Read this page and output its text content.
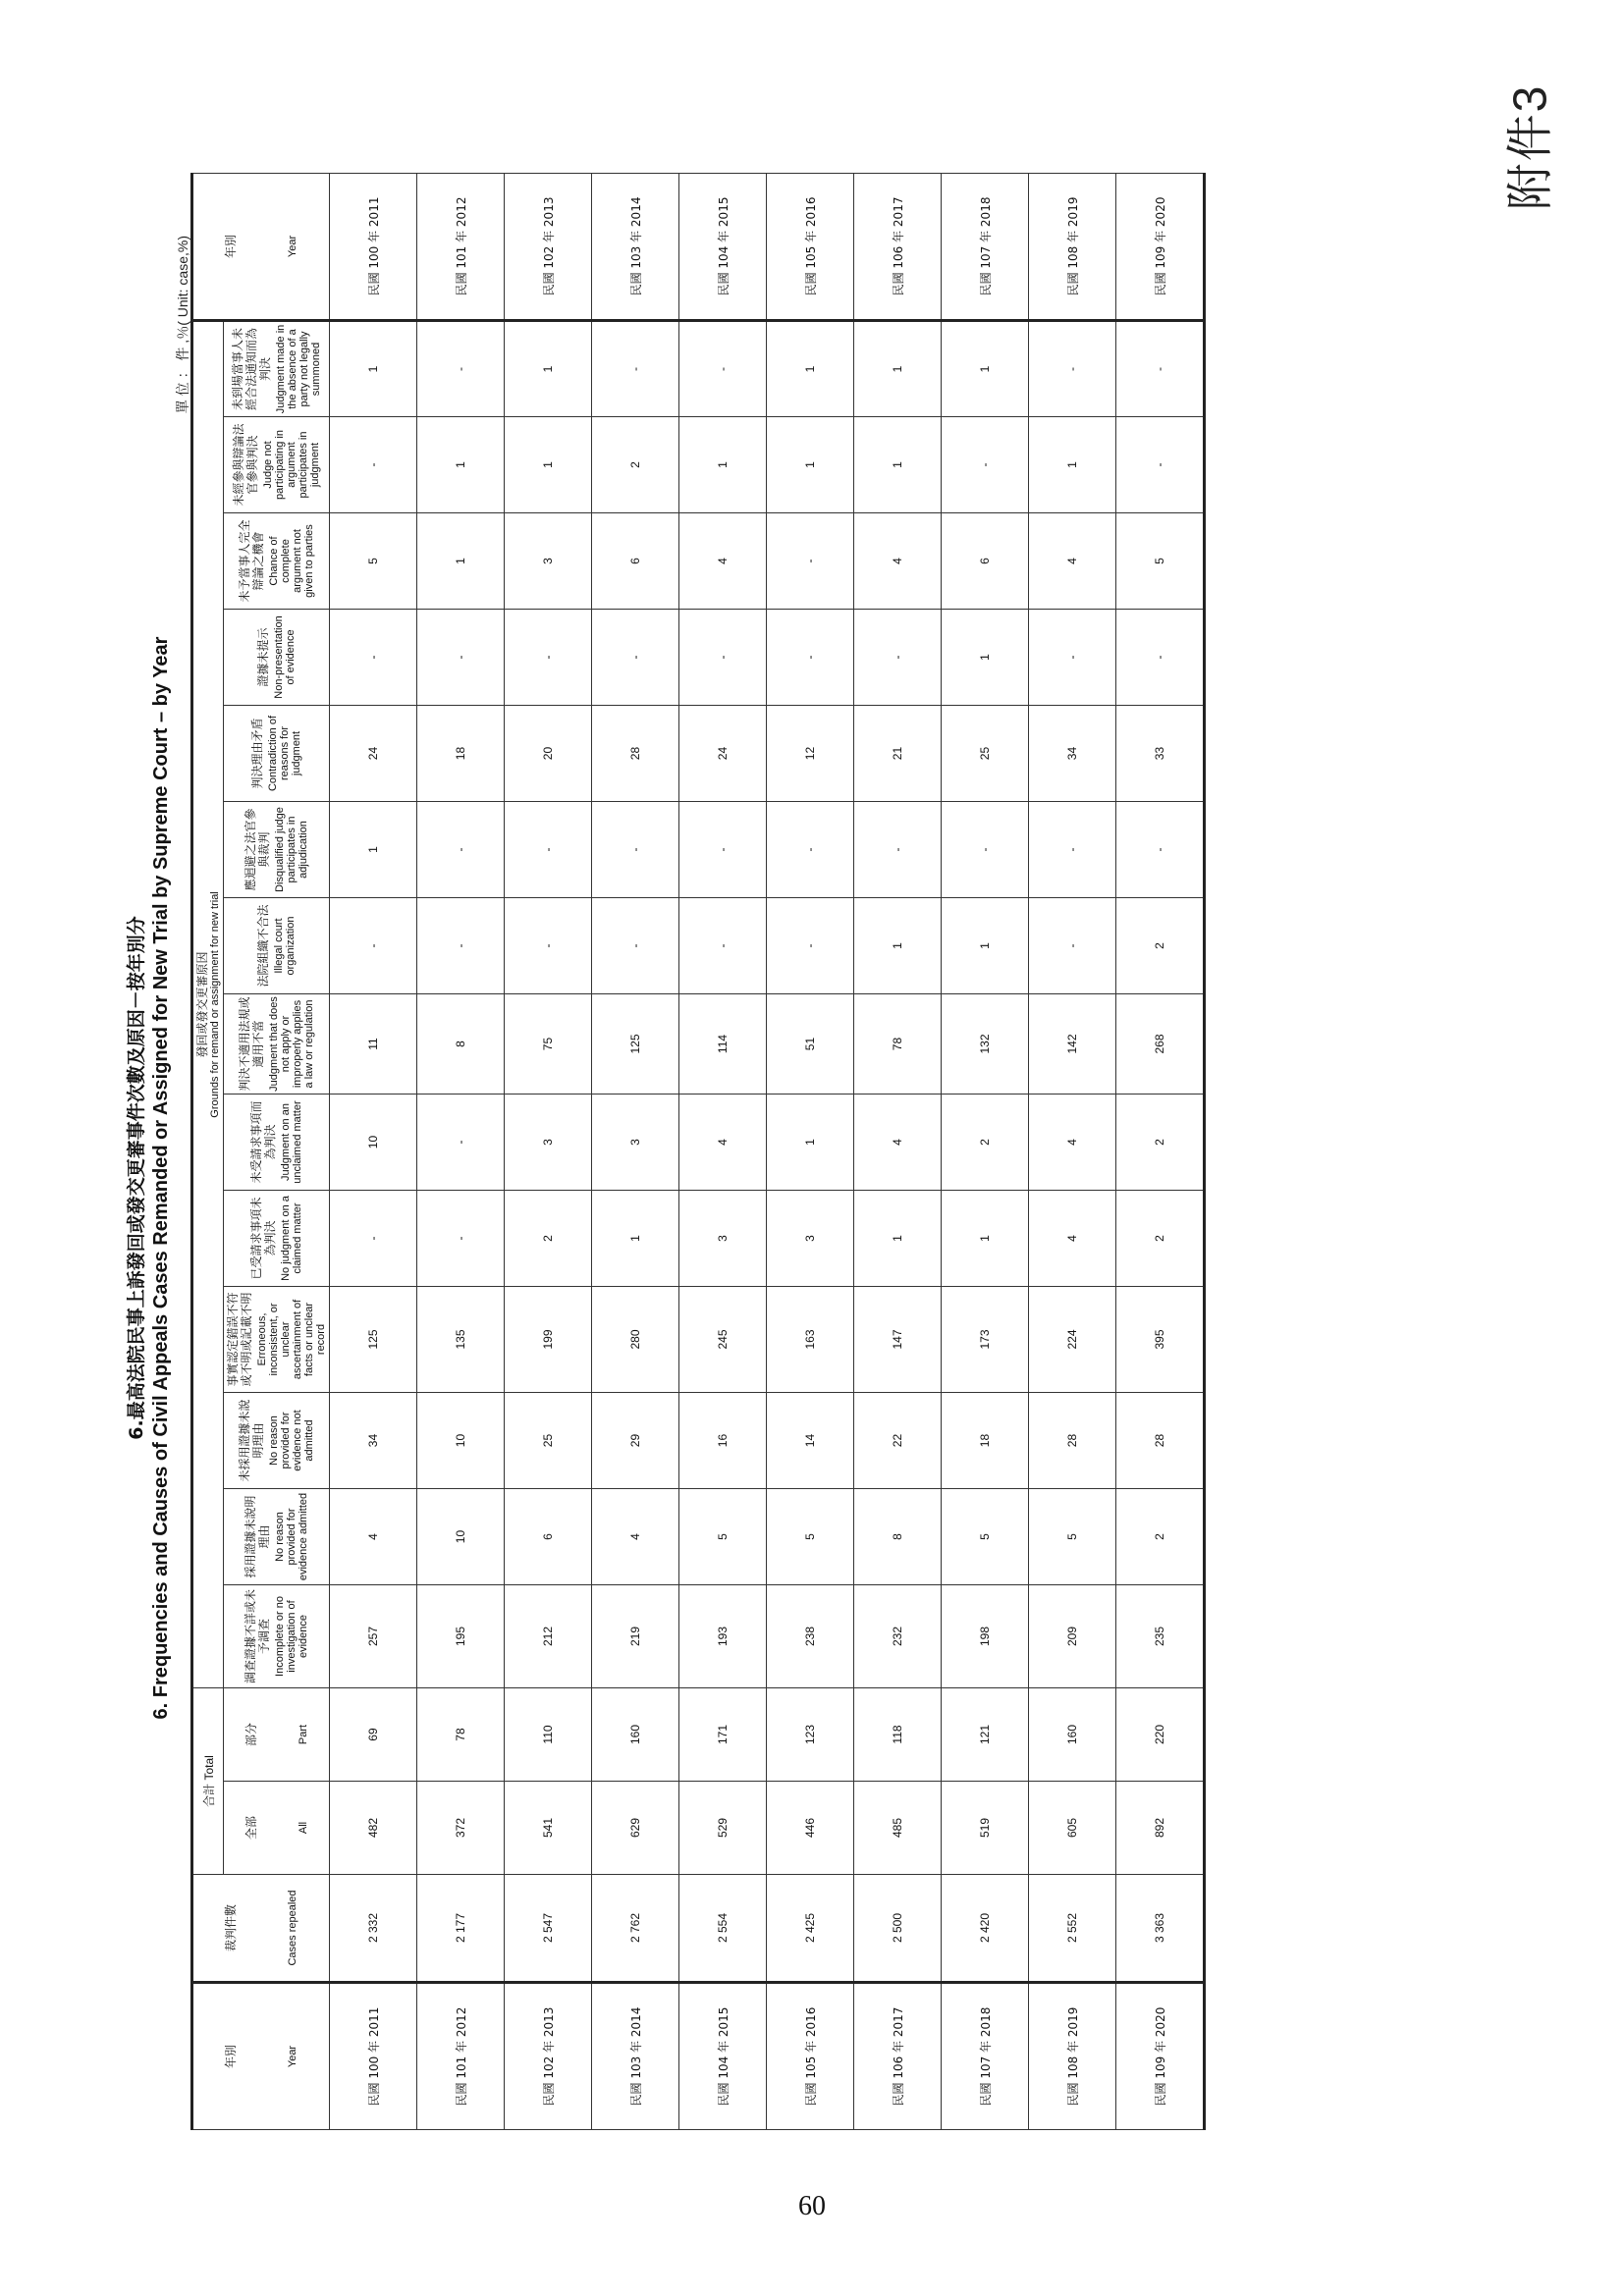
附件3
6.最高法院民事上訴發回或發交更審事件次數及原因－按年別分 6. Frequencies and Causes of Civil Appeals Cases Remanded or Assigned for New Trial by Supreme Court – by Year
單 位 ： 件 ,％( Unit: case,%)
年別 Year	裁判件數 Cases repealed	合計 Total		發回或發交更審原因 Grounds for remand or assignment for new trial														年別 Year

		全部 All	部分 Part	調查證據不詳或未予調查 Incomplete or no investigation of evidence	採用證據未說明理由 No reason provided for evidence admitted	未採用證據未說明理由 No reason provided for evidence not admitted	事實認定錯誤不符或不明或記載不明 Erroneous, inconsistent, or unclear ascertainment of facts or unclear record	已受請求事項未為判決 No judgment on a claimed matter	未受請求事項而為判決 Judgment on an unclaimed matter	判決不適用法規或適用不當 Judgment that does not apply or improperly applies a law or regulation	法院組織不合法 Illegal court organization	應迴避之法官參與裁判 Disqualified judge participates in adjudication	判決理由矛盾 Contradiction of reasons for judgment	證據未提示 Non-presentation of evidence	未予當事人完全辯論之機會 Chance of complete argument not given to parties	未經參與辯論法官參與判決 Judge not participating in argument participates in judgment	未到場當事人未經合法通知而為判決 Judgment made in the absence of a party not legally summoned	

民國 100 年 2011	2 332	482	69	257	4	34	125	-	10	11	-	1	24	-	5	-	1	民國 100 年 2011
民國 101 年 2012	2 177	372	78	195	10	10	135	-	-	8	-	-	18	-	1	1	-	民國 101 年 2012
民國 102 年 2013	2 547	541	110	212	6	25	199	2	3	75	-	-	20	-	3	1	1	民國 102 年 2013
民國 103 年 2014	2 762	629	160	219	4	29	280	1	3	125	-	-	28	-	6	2	-	民國 103 年 2014
民國 104 年 2015	2 554	529	171	193	5	16	245	3	4	114	-	-	24	-	4	1	-	民國 104 年 2015
民國 105 年 2016	2 425	446	123	238	5	14	163	3	1	51	-	-	12	-	-	1	1	民國 105 年 2016
民國 106 年 2017	2 500	485	118	232	8	22	147	1	4	78	1	-	21	-	4	1	1	民國 106 年 2017
民國 107 年 2018	2 420	519	121	198	5	18	173	1	2	132	1	-	25	1	6	-	1	民國 107 年 2018
民國 108 年 2019	2 552	605	160	209	5	28	224	4	4	142	-	-	34	-	4	1	-	民國 108 年 2019
民國 109 年 2020	3 363	892	220	235	2	28	395	2	2	268	2	-	33	-	5	-	-	民國 109 年 2020
60
